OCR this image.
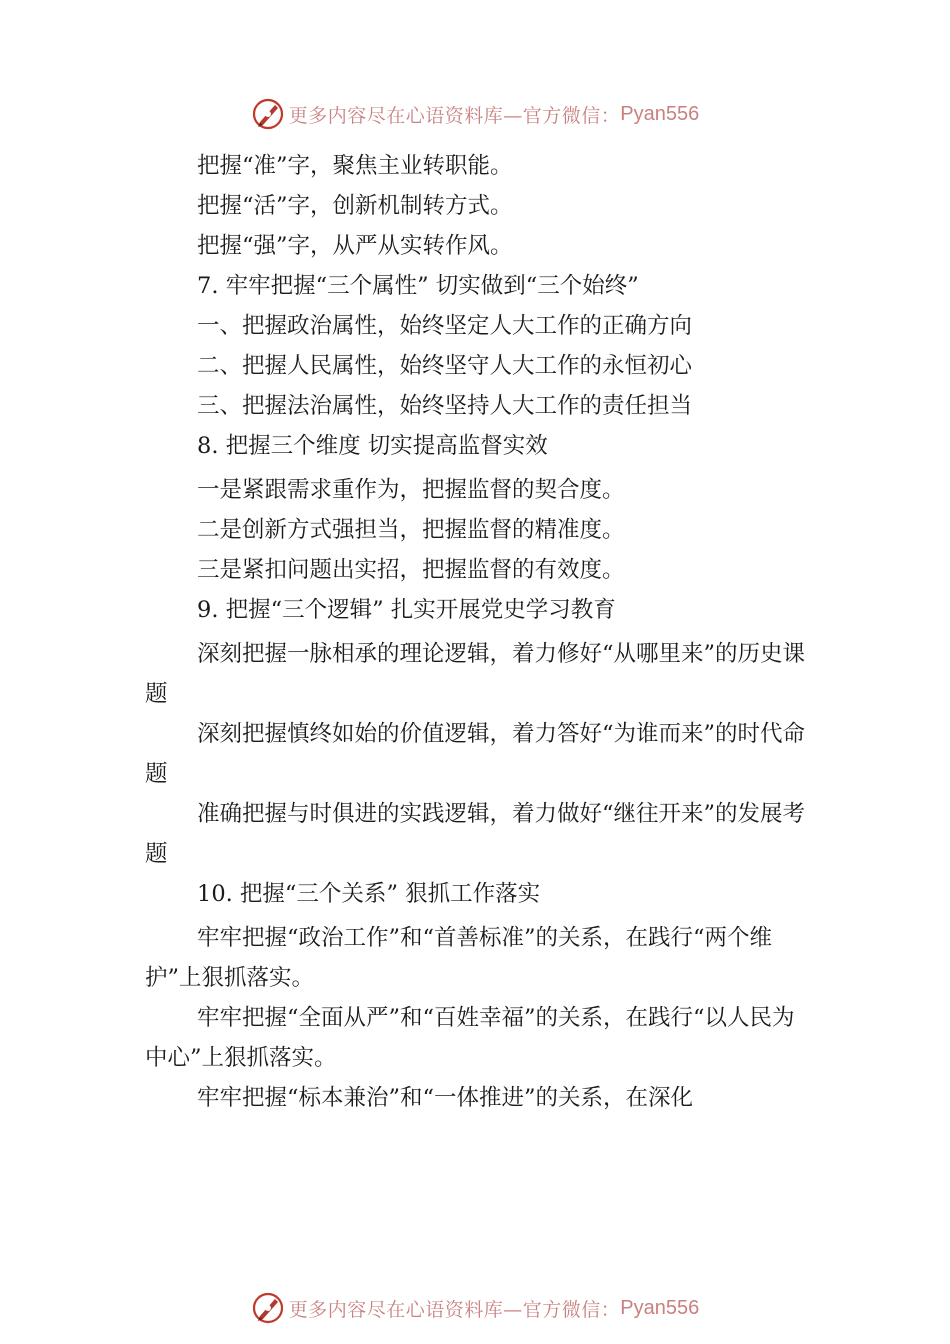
更多内容尽在心语资料库—官方微信： Pyan556

把握“准”字，聚焦主业转职能。

把握“活”字，创新机制转方式。

把握“强”字，从严从实转作风。

7. 牢牢把握“三个属性” 切实做到“三个始终”

一、把握政治属性，始终坚定人大工作的正确方向

二、把握人民属性，始终坚守人大工作的永恒初心

三、把握法治属性，始终坚持人大工作的责任担当

8. 把握三个维度 切实提高监督实效

一是紧跟需求重作为，把握监督的契合度。

二是创新方式强担当，把握监督的精准度。

三是紧扣问题出实招，把握监督的有效度。

9. 把握“三个逻辑” 扎实开展党史学习教育

深刻把握一脉相承的理论逻辑，着力修好“从哪里来”的历史课题

深刻把握慎终如始的价值逻辑，着力答好“为谁而来”的时代命题

准确把握与时俱进的实践逻辑，着力做好“继往开来”的发展考题

10. 把握“三个关系” 狠抓工作落实

牢牢把握“政治工作”和“首善标准”的关系，在践行“两个维护”上狠抓落实。

牢牢把握“全面从严”和“百姓幸福”的关系，在践行“以人民为中心”上狠抓落实。

牢牢把握“标本兼治”和“一体推进”的关系，在深化

更多内容尽在心语资料库—官方微信： Pyan556
